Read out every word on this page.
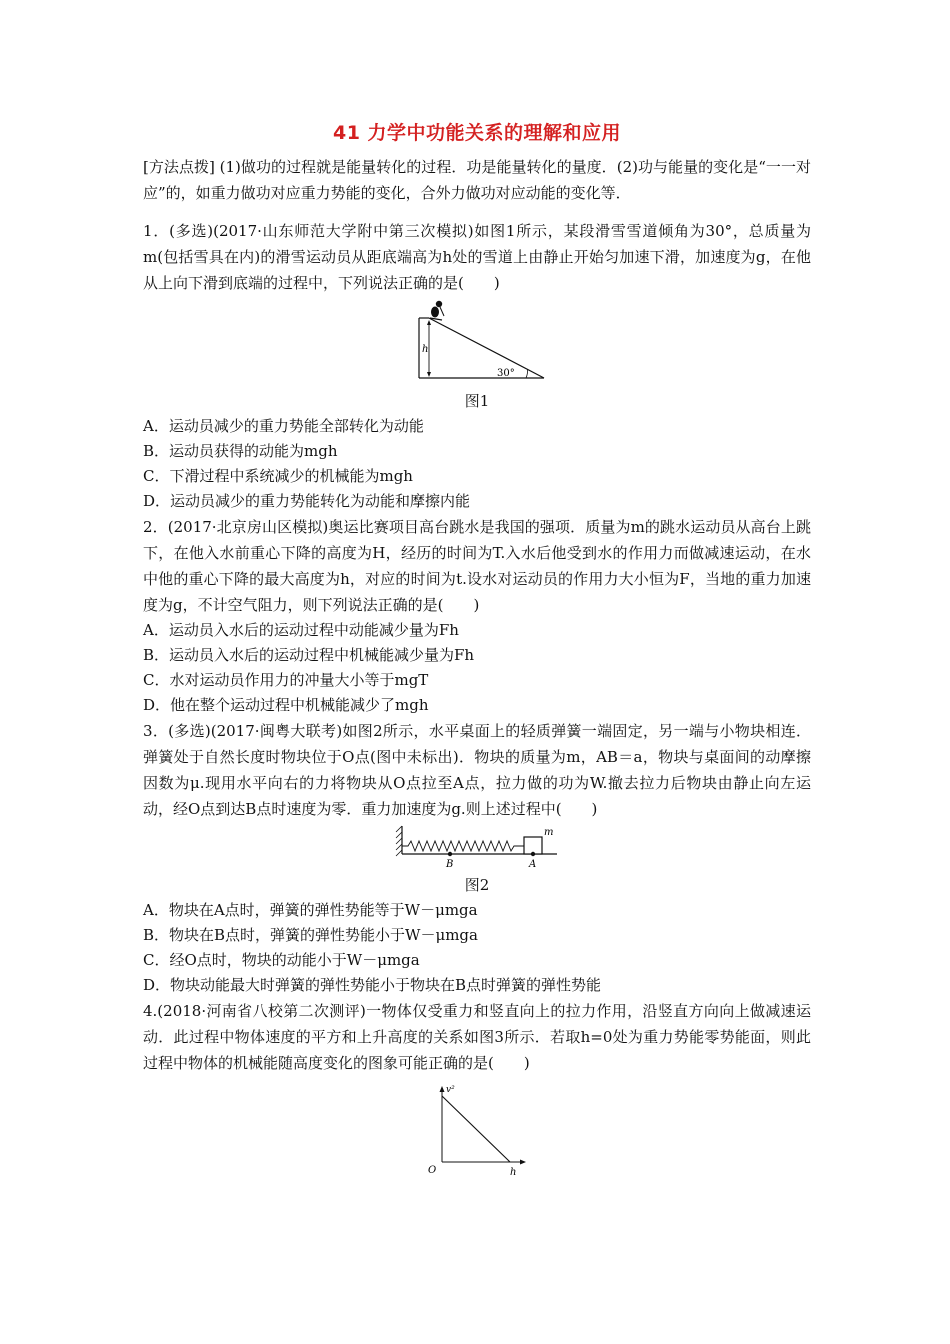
41 力学中功能关系的理解和应用

[方法点拨] (1)做功的过程就是能量转化的过程．功是能量转化的量度．(2)功与能量的变化是“一一对应”的，如重力做功对应重力势能的变化，合外力做功对应动能的变化等．

1．(多选)(2017·山东师范大学附中第三次模拟)如图1所示，某段滑雪雪道倾角为30°，总质量为m(包括雪具在内)的滑雪运动员从距底端高为h处的雪道上由静止开始匀加速下滑，加速度为g，在他从上向下滑到底端的过程中，下列说法正确的是(　　)

h
30°

图1

A．运动员减少的重力势能全部转化为动能

B．运动员获得的动能为mgh

C．下滑过程中系统减少的机械能为mgh

D．运动员减少的重力势能转化为动能和摩擦内能

2．(2017·北京房山区模拟)奥运比赛项目高台跳水是我国的强项．质量为m的跳水运动员从高台上跳下，在他入水前重心下降的高度为H，经历的时间为T.入水后他受到水的作用力而做减速运动，在水中他的重心下降的最大高度为h，对应的时间为t.设水对运动员的作用力大小恒为F，当地的重力加速度为g，不计空气阻力，则下列说法正确的是(　　)

A．运动员入水后的运动过程中动能减少量为Fh

B．运动员入水后的运动过程中机械能减少量为Fh

C．水对运动员作用力的冲量大小等于mgT

D．他在整个运动过程中机械能减少了mgh

3．(多选)(2017·闽粤大联考)如图2所示，水平桌面上的轻质弹簧一端固定，另一端与小物块相连．弹簧处于自然长度时物块位于O点(图中未标出)．物块的质量为m，AB＝a，物块与桌面间的动摩擦因数为μ.现用水平向右的力将物块从O点拉至A点，拉力做的功为W.撤去拉力后物块由静止向左运动，经O点到达B点时速度为零．重力加速度为g.则上述过程中(　　)

m
B	A

图2

A．物块在A点时，弹簧的弹性势能等于W－μmga

B．物块在B点时，弹簧的弹性势能小于W－μmga

C．经O点时，物块的动能小于W－μmga

D．物块动能最大时弹簧的弹性势能小于物块在B点时弹簧的弹性势能

4.(2018·河南省八校第二次测评)一物体仅受重力和竖直向上的拉力作用，沿竖直方向向上做减速运动．此过程中物体速度的平方和上升高度的关系如图3所示．若取h=0处为重力势能零势能面，则此过程中物体的机械能随高度变化的图象可能正确的是(　　)

v²
O	h
